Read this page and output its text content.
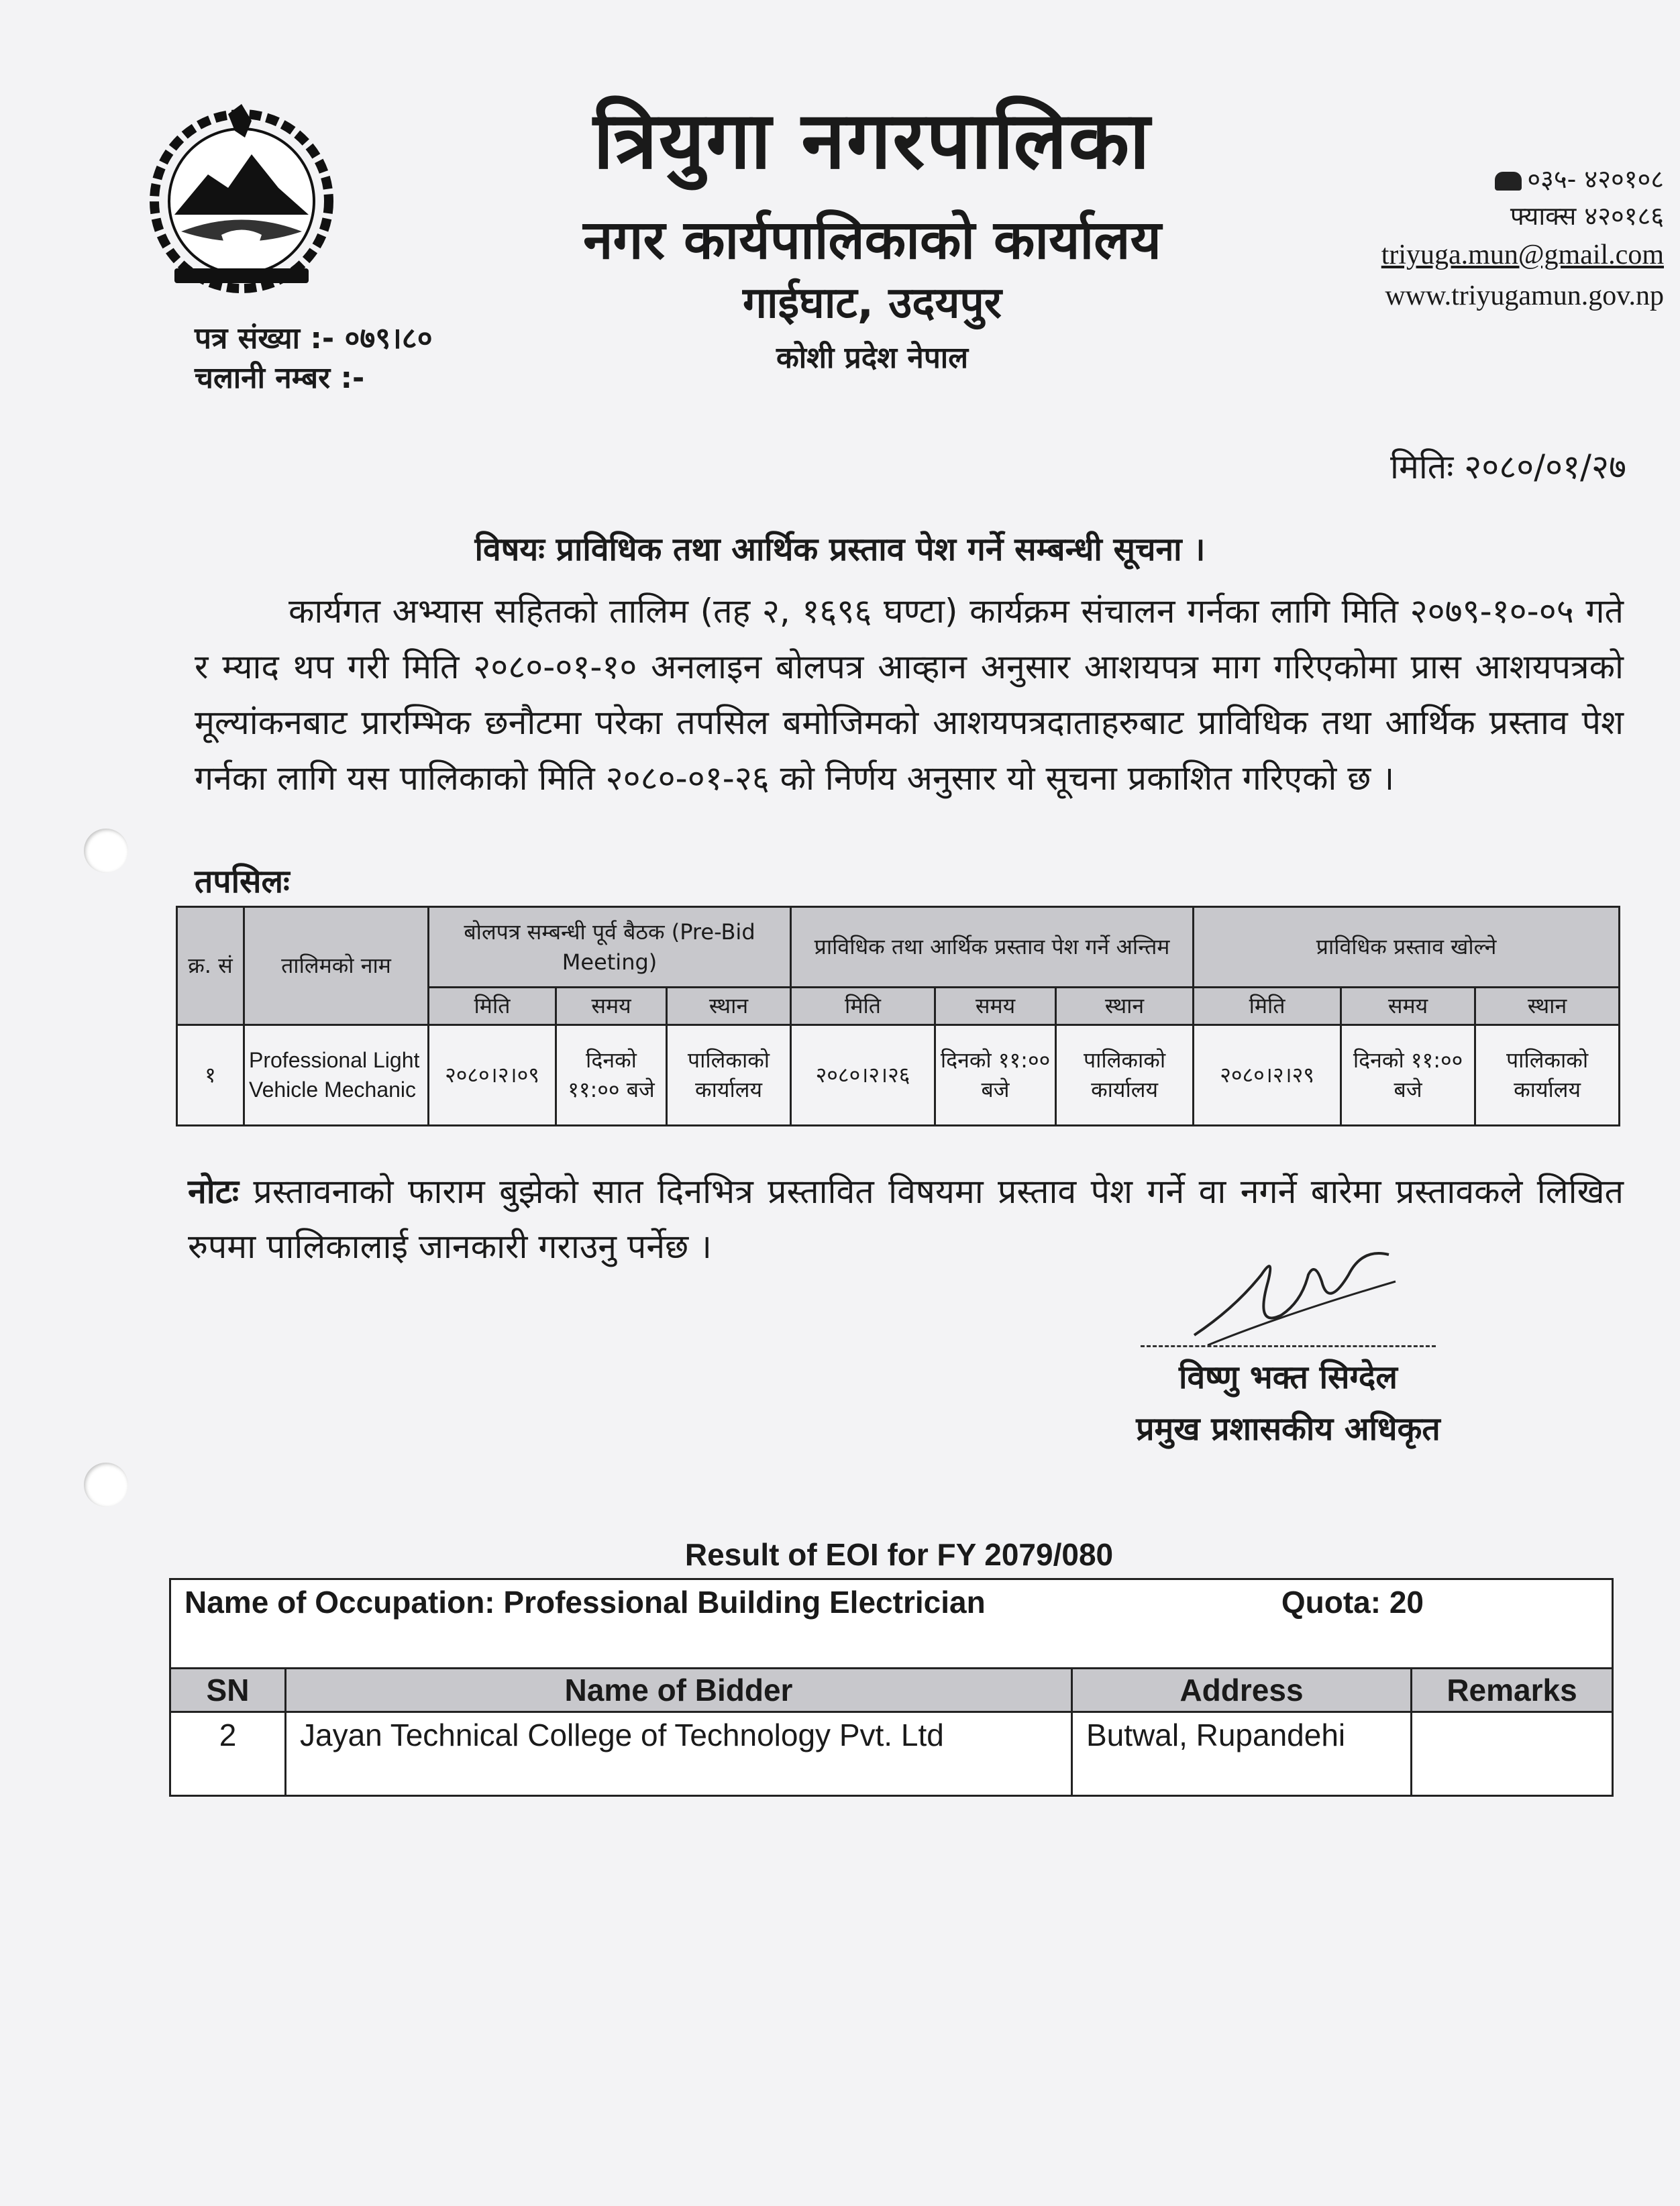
त्रियुगा नगरपालिका
नगर कार्यपालिकाको कार्यालय
गाईघाट, उदयपुर
कोशी प्रदेश नेपाल
०३५- ४२०१०८
फ्याक्स ४२०१८६
triyuga.mun@gmail.com
www.triyugamun.gov.np
पत्र संख्या :- ०७९।८०
चलानी नम्बर :-
मितिः २०८०/०१/२७
विषयः प्राविधिक तथा आर्थिक प्रस्ताव पेश गर्ने सम्बन्धी सूचना ।
कार्यगत अभ्यास सहितको तालिम (तह २, १६९६ घण्टा) कार्यक्रम संचालन गर्नका लागि मिति २०७९-१०-०५ गते र म्याद थप गरी मिति २०८०-०१-१० अनलाइन बोलपत्र आव्हान अनुसार आशयपत्र माग गरिएकोमा प्रास आशयपत्रको मूल्यांकनबाट प्रारम्भिक छनौटमा परेका तपसिल बमोजिमको आशयपत्रदाताहरुबाट प्राविधिक तथा आर्थिक प्रस्ताव पेश गर्नका लागि यस पालिकाको मिति २०८०-०१-२६ को निर्णय अनुसार यो सूचना प्रकाशित गरिएको छ ।
तपसिलः
क्र. सं	तालिमको नाम	बोलपत्र सम्बन्धी पूर्व बैठक (Pre-Bid Meeting)			प्राविधिक तथा आर्थिक प्रस्ताव पेश गर्ने अन्तिम			प्राविधिक प्रस्ताव खोल्ने		
		मिति	समय	स्थान	मिति	समय	स्थान	मिति	समय	स्थान
१	Professional Light Vehicle Mechanic	२०८०।२।०९	दिनको ११:०० बजे	पालिकाको कार्यालय	२०८०।२।२६	दिनको ११:०० बजे	पालिकाको कार्यालय	२०८०।२।२९	दिनको ११:०० बजे	पालिकाको कार्यालय
नोटः प्रस्तावनाको फाराम बुझेको सात दिनभित्र प्रस्तावित विषयमा प्रस्ताव पेश गर्ने वा नगर्ने बारेमा प्रस्तावकले लिखित रुपमा पालिकालाई जानकारी गराउनु पर्नेछ ।
विष्णु भक्त सिग्देल
प्रमुख प्रशासकीय अधिकृत
Result of EOI for FY 2079/080
Name of Occupation: Professional Building Electrician Quota: 20			

SN	Name of Bidder	Address	Remarks
2	Jayan Technical College of Technology Pvt. Ltd	Butwal, Rupandehi	
